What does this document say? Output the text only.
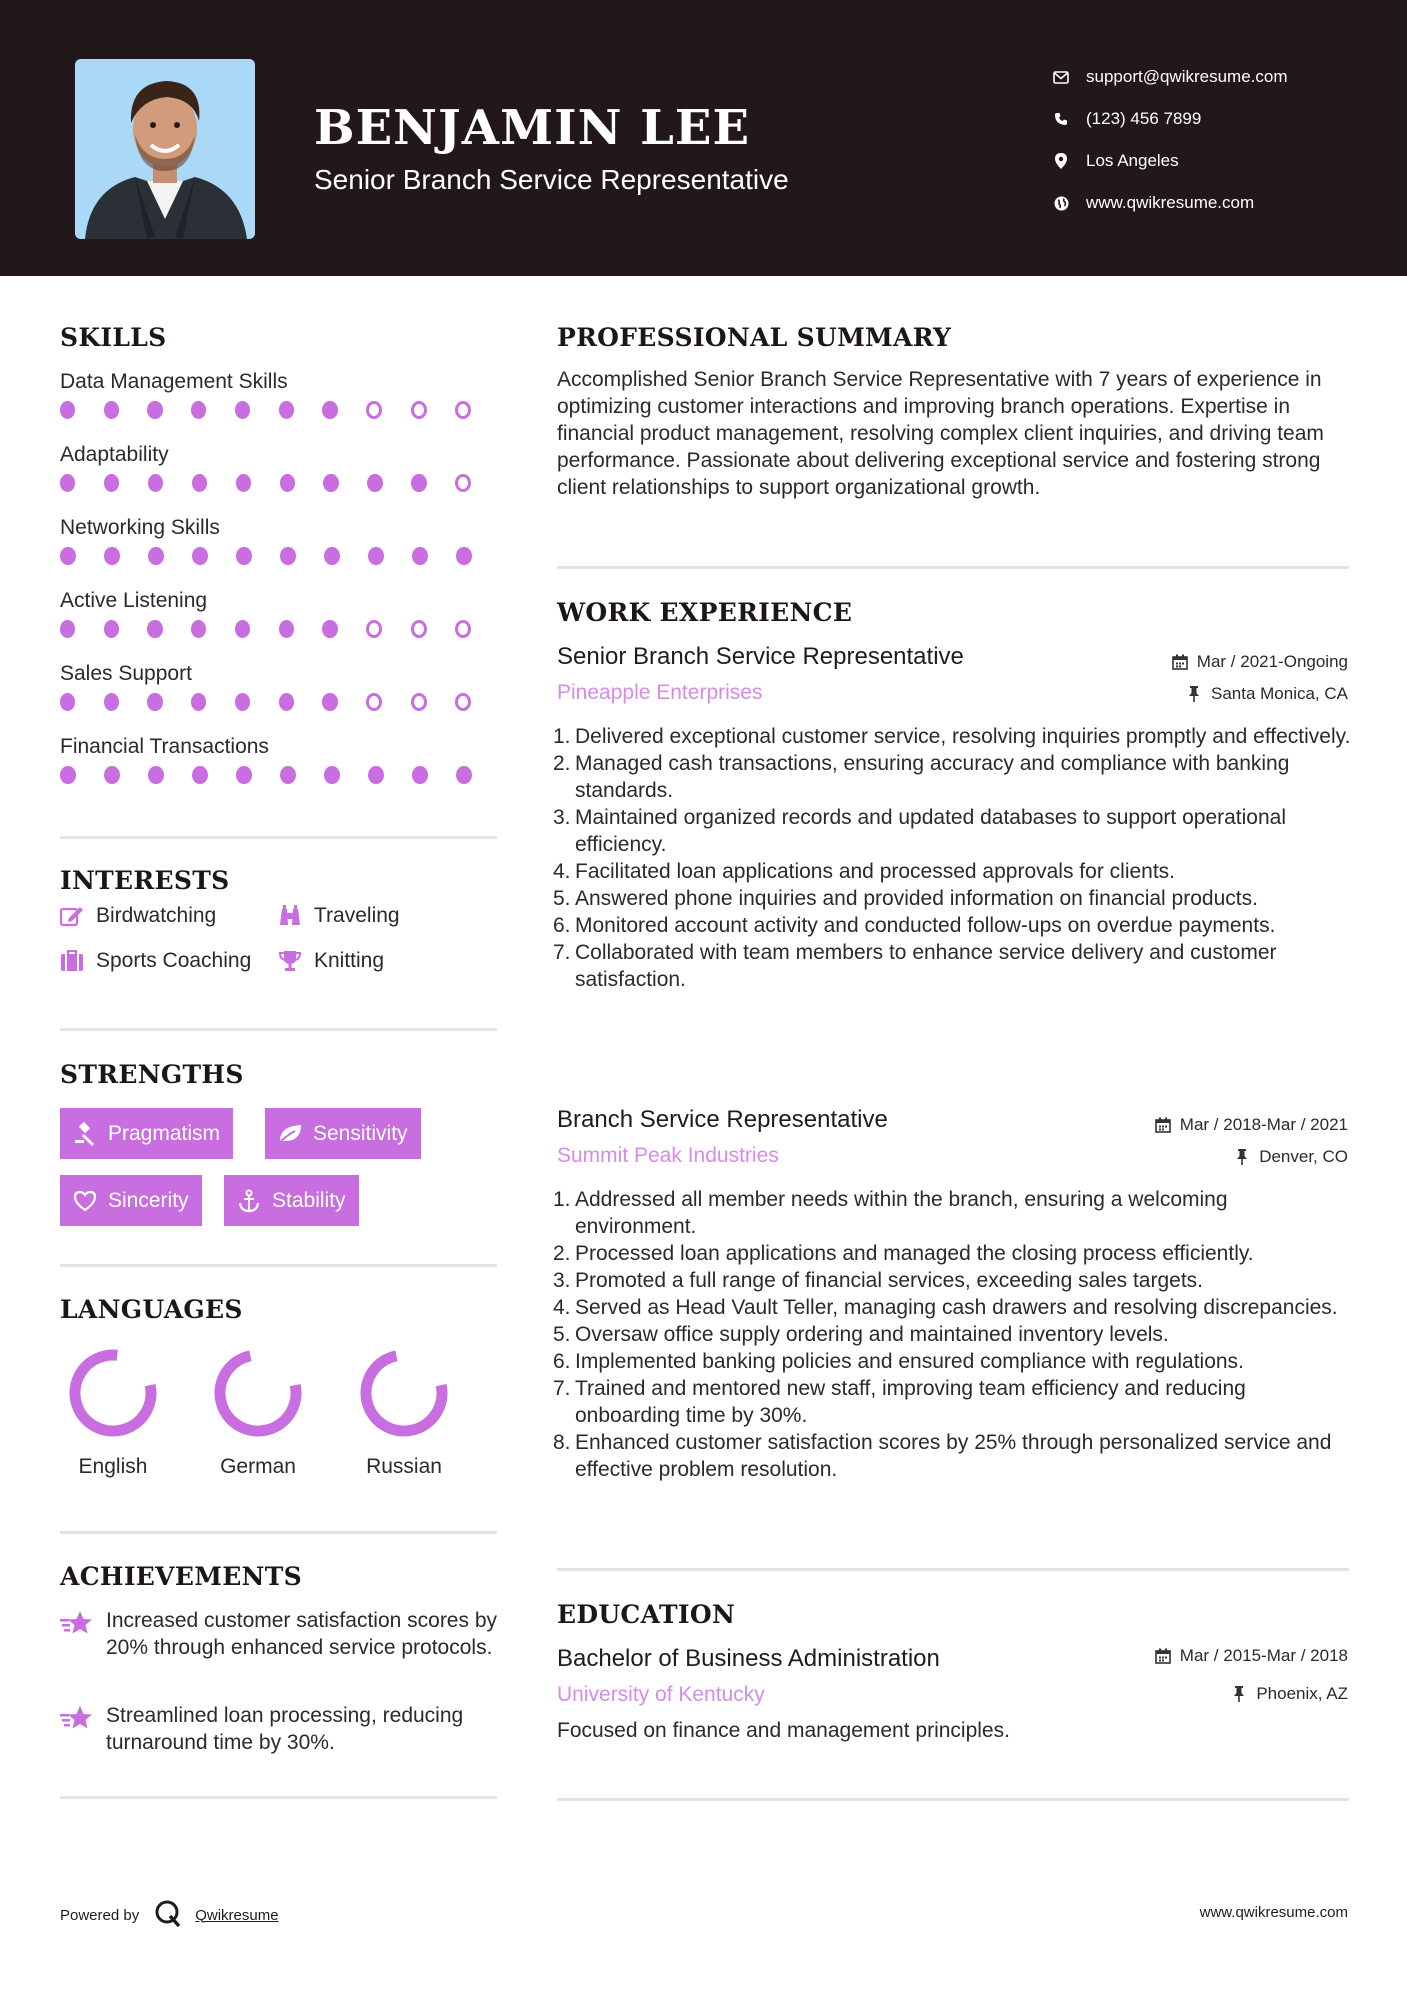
BENJAMIN LEE
Senior Branch Service Representative
support@qwikresume.com
(123) 456 7899
Los Angeles
www.qwikresume.com
SKILLS
Data Management Skills
Adaptability
Networking Skills
Active Listening
Sales Support
Financial Transactions
INTERESTS
Birdwatching	Traveling
Sports Coaching	Knitting
STRENGTHS
Pragmatism	Sensitivity
Sincerity	Stability
LANGUAGES
English	German	Russian
ACHIEVEMENTS
Increased customer satisfaction scores by 20% through enhanced service protocols.
Streamlined loan processing, reducing turnaround time by 30%.
PROFESSIONAL SUMMARY
Accomplished Senior Branch Service Representative with 7 years of experience in optimizing customer interactions and improving branch operations. Expertise in financial product management, resolving complex client inquiries, and driving team performance. Passionate about delivering exceptional service and fostering strong client relationships to support organizational growth.
WORK EXPERIENCE
Senior Branch Service Representative	Mar / 2021-Ongoing
Pineapple Enterprises	Santa Monica, CA
1. Delivered exceptional customer service, resolving inquiries promptly and effectively.
2. Managed cash transactions, ensuring accuracy and compliance with banking standards.
3. Maintained organized records and updated databases to support operational efficiency.
4. Facilitated loan applications and processed approvals for clients.
5. Answered phone inquiries and provided information on financial products.
6. Monitored account activity and conducted follow-ups on overdue payments.
7. Collaborated with team members to enhance service delivery and customer satisfaction.
Branch Service Representative	Mar / 2018-Mar / 2021
Summit Peak Industries	Denver, CO
1. Addressed all member needs within the branch, ensuring a welcoming environment.
2. Processed loan applications and managed the closing process efficiently.
3. Promoted a full range of financial services, exceeding sales targets.
4. Served as Head Vault Teller, managing cash drawers and resolving discrepancies.
5. Oversaw office supply ordering and maintained inventory levels.
6. Implemented banking policies and ensured compliance with regulations.
7. Trained and mentored new staff, improving team efficiency and reducing onboarding time by 30%.
8. Enhanced customer satisfaction scores by 25% through personalized service and effective problem resolution.
EDUCATION
Bachelor of Business Administration	Mar / 2015-Mar / 2018
University of Kentucky	Phoenix, AZ
Focused on finance and management principles.
Powered by	Qwikresume	www.qwikresume.com
